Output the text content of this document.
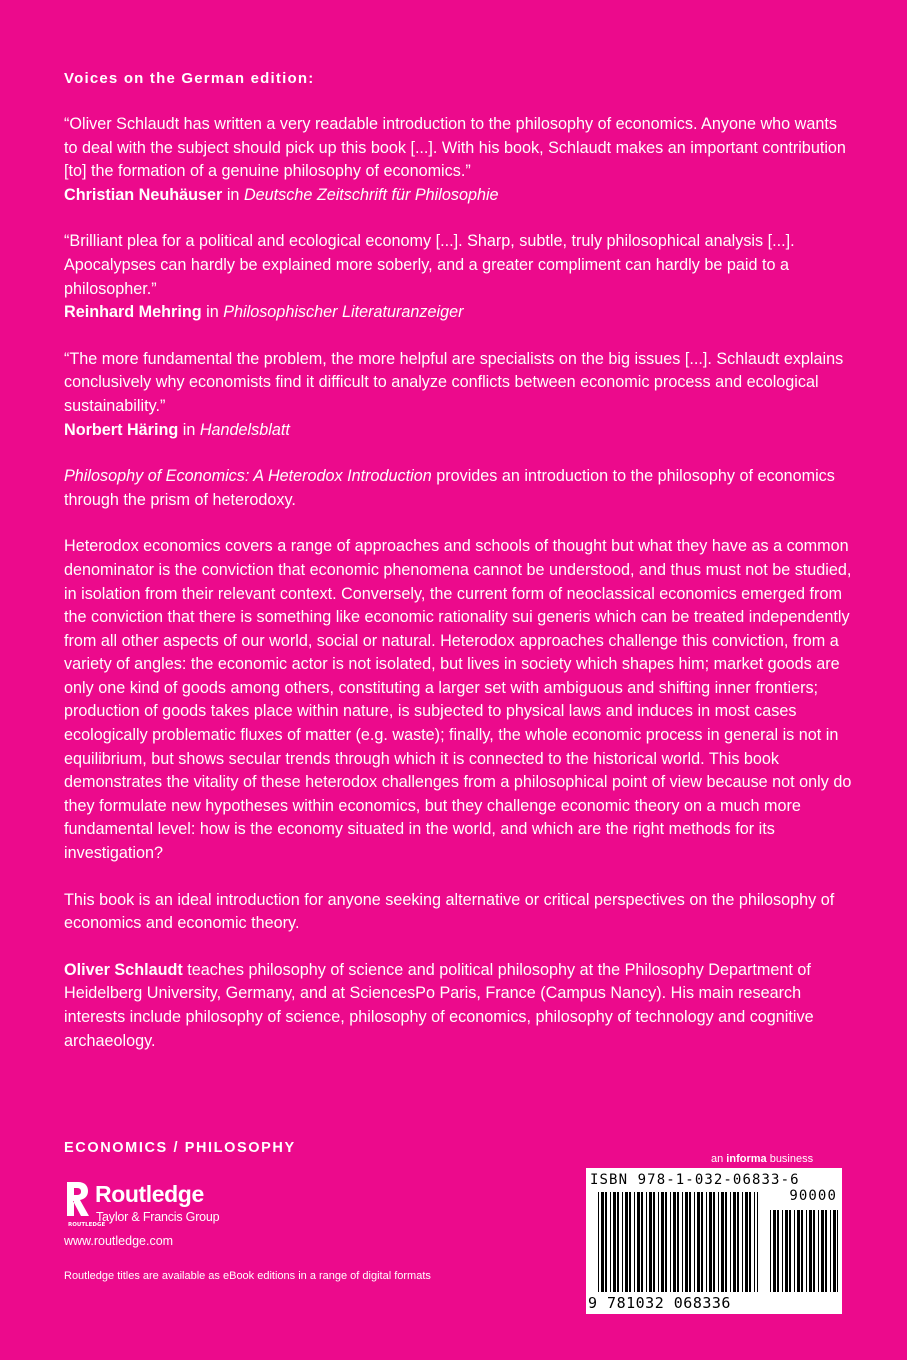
Voices on the German edition:
“Oliver Schlaudt has written a very readable introduction to the philosophy of economics. Anyone who wants to deal with the subject should pick up this book [...]. With his book, Schlaudt makes an important contribution [to] the formation of a genuine philosophy of economics.”
Christian Neuhäuser in Deutsche Zeitschrift für Philosophie
“Brilliant plea for a political and ecological economy [...]. Sharp, subtle, truly philosophical analysis [...]. Apocalypses can hardly be explained more soberly, and a greater compliment can hardly be paid to a philosopher.”
Reinhard Mehring in Philosophischer Literaturanzeiger
“The more fundamental the problem, the more helpful are specialists on the big issues [...]. Schlaudt explains conclusively why economists find it difficult to analyze conflicts between economic process and ecological sustainability.”
Norbert Häring in Handelsblatt
Philosophy of Economics: A Heterodox Introduction provides an introduction to the philosophy of economics through the prism of heterodoxy.
Heterodox economics covers a range of approaches and schools of thought but what they have as a common denominator is the conviction that economic phenomena cannot be understood, and thus must not be studied, in isolation from their relevant context. Conversely, the current form of neoclassical economics emerged from the conviction that there is something like economic rationality sui generis which can be treated independently from all other aspects of our world, social or natural. Heterodox approaches challenge this conviction, from a variety of angles: the economic actor is not isolated, but lives in society which shapes him; market goods are only one kind of goods among others, constituting a larger set with ambiguous and shifting inner frontiers; production of goods takes place within nature, is subjected to physical laws and induces in most cases ecologically problematic fluxes of matter (e.g. waste); finally, the whole economic process in general is not in equilibrium, but shows secular trends through which it is connected to the historical world. This book demonstrates the vitality of these heterodox challenges from a philosophical point of view because not only do they formulate new hypotheses within economics, but they challenge economic theory on a much more fundamental level: how is the economy situated in the world, and which are the right methods for its investigation?
This book is an ideal introduction for anyone seeking alternative or critical perspectives on the philosophy of economics and economic theory.
Oliver Schlaudt teaches philosophy of science and political philosophy at the Philosophy Department of Heidelberg University, Germany, and at SciencesPo Paris, France (Campus Nancy). His main research interests include philosophy of science, philosophy of economics, philosophy of technology and cognitive archaeology.
ECONOMICS / PHILOSOPHY
ROUTLEDGE
Routledge
Taylor & Francis Group
www.routledge.com
Routledge titles are available as eBook editions in a range of digital formats
an informa business
ISBN 978-1-032-06833-6
90000
9 781032 068336
